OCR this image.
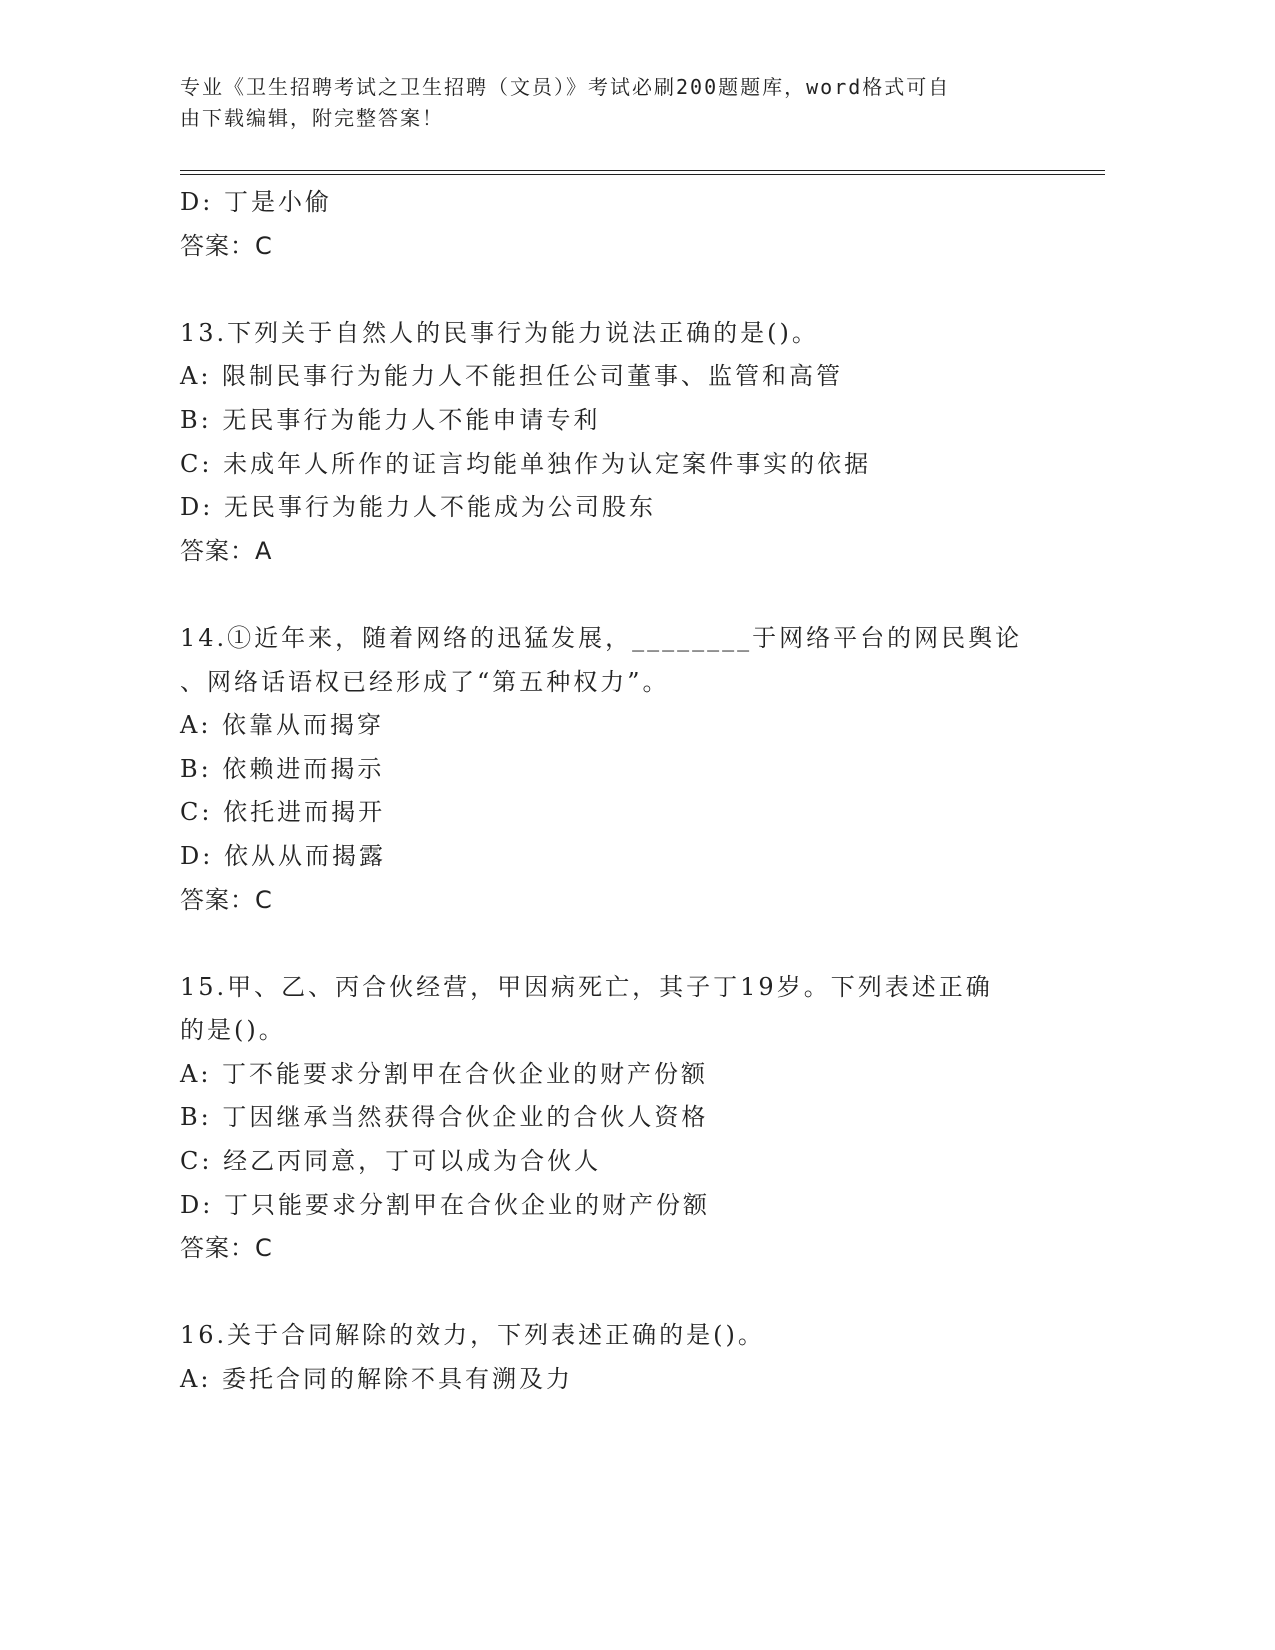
专业《卫生招聘考试之卫生招聘（文员）》考试必刷200题题库，word格式可自
由下载编辑，附完整答案！
D: 丁是小偷
答案：C
13.下列关于自然人的民事行为能力说法正确的是()。
A: 限制民事行为能力人不能担任公司董事、监管和高管
B: 无民事行为能力人不能申请专利
C: 未成年人所作的证言均能单独作为认定案件事实的依据
D: 无民事行为能力人不能成为公司股东
答案：A
14.①近年来，随着网络的迅猛发展，________于网络平台的网民舆论
、网络话语权已经形成了“第五种权力”。
A: 依靠从而揭穿
B: 依赖进而揭示
C: 依托进而揭开
D: 依从从而揭露
答案：C
15.甲、乙、丙合伙经营，甲因病死亡，其子丁19岁。下列表述正确
的是()。
A: 丁不能要求分割甲在合伙企业的财产份额
B: 丁因继承当然获得合伙企业的合伙人资格
C: 经乙丙同意，丁可以成为合伙人
D: 丁只能要求分割甲在合伙企业的财产份额
答案：C
16.关于合同解除的效力，下列表述正确的是()。
A: 委托合同的解除不具有溯及力
